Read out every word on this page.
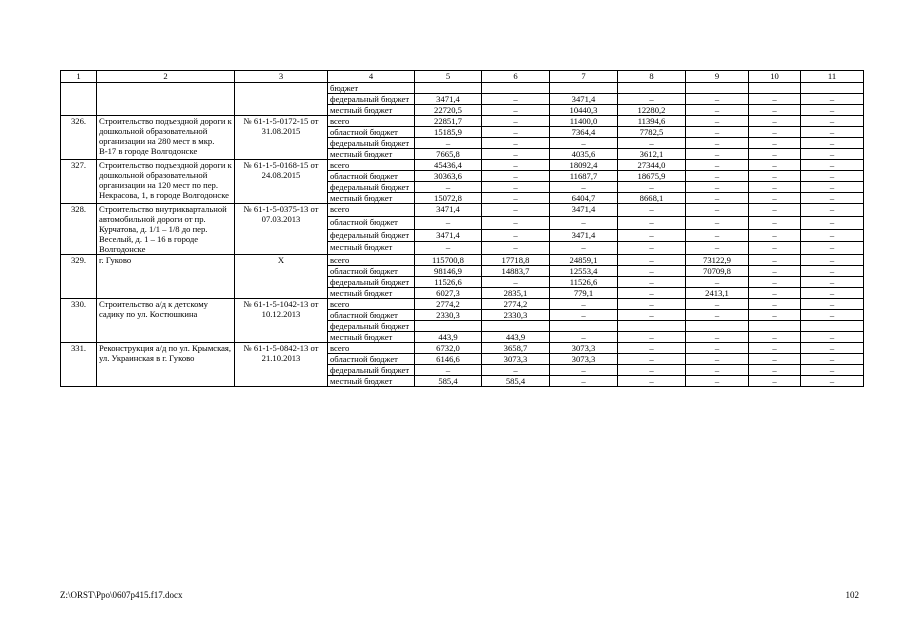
1	2	3	4	5	6	7	8	9	10	11
			бюджет							
			федеральный бюджет	3471,4	–	3471,4	–	–	–	–
			местный бюджет	22720,5	–	10440,3	12280,2	–	–	–
326.	Строительство подъездной дороги к дошкольной образовательной организации на 280 мест в мкр. В-17 в городе Волгодонске	№ 61-1-5-0172-15 от 31.08.2015	всего	22851,7	–	11400,0	11394,6	–	–	–
			областной бюджет	15185,9	–	7364,4	7782,5	–	–	–
			федеральный бюджет	–	–	–	–	–	–	–
			местный бюджет	7665,8	–	4035,6	3612,1	–	–	–
327.	Строительство подъездной дороги к дошкольной образовательной организации на 120 мест по пер. Некрасова, 1, в городе Волгодонске	№ 61-1-5-0168-15 от 24.08.2015	всего	45436,4	–	18092,4	27344,0	–	–	–
			областной бюджет	30363,6	–	11687,7	18675,9	–	–	–
			федеральный бюджет	–	–	–	–	–	–	–
			местный бюджет	15072,8	–	6404,7	8668,1	–	–	–
328.	Строительство внутриквартальной автомобильной дороги от пр. Курчатова, д. 1/1 – 1/8 до пер. Веселый, д. 1 – 16 в городе Волгодонске	№ 61-1-5-0375-13 от 07.03.2013	всего	3471,4	–	3471,4	–	–	–	–
			областной бюджет	–	–	–	–	–	–	–
			федеральный бюджет	3471,4	–	3471,4	–	–	–	–
			местный бюджет	–	–	–	–	–	–	–
329.	г. Гуково	Х	всего	115700,8	17718,8	24859,1	–	73122,9	–	–
			областной бюджет	98146,9	14883,7	12553,4	–	70709,8	–	–
			федеральный бюджет	11526,6	–	11526,6	–	–	–	–
			местный бюджет	6027,3	2835,1	779,1	–	2413,1	–	–
330.	Строительство а/д к детскому садику по ул. Костюшкина	№ 61-1-5-1042-13 от 10.12.2013	всего	2774,2	2774,2	–	–	–	–	–
			областной бюджет	2330,3	2330,3	–	–	–	–	–
			федеральный бюджет							
			местный бюджет	443,9	443,9	–	–	–	–	–
331.	Реконструкция а/д по ул. Крымская, ул. Украинская в г. Гуково	№ 61-1-5-0842-13 от 21.10.2013	всего	6732,0	3658,7	3073,3	–	–	–	–
			областной бюджет	6146,6	3073,3	3073,3	–	–	–	–
			федеральный бюджет	–	–	–	–	–	–	–
			местный бюджет	585,4	585,4	–	–	–	–	–
Z:\ORST\Ppo\0607p415.f17.docx	102
